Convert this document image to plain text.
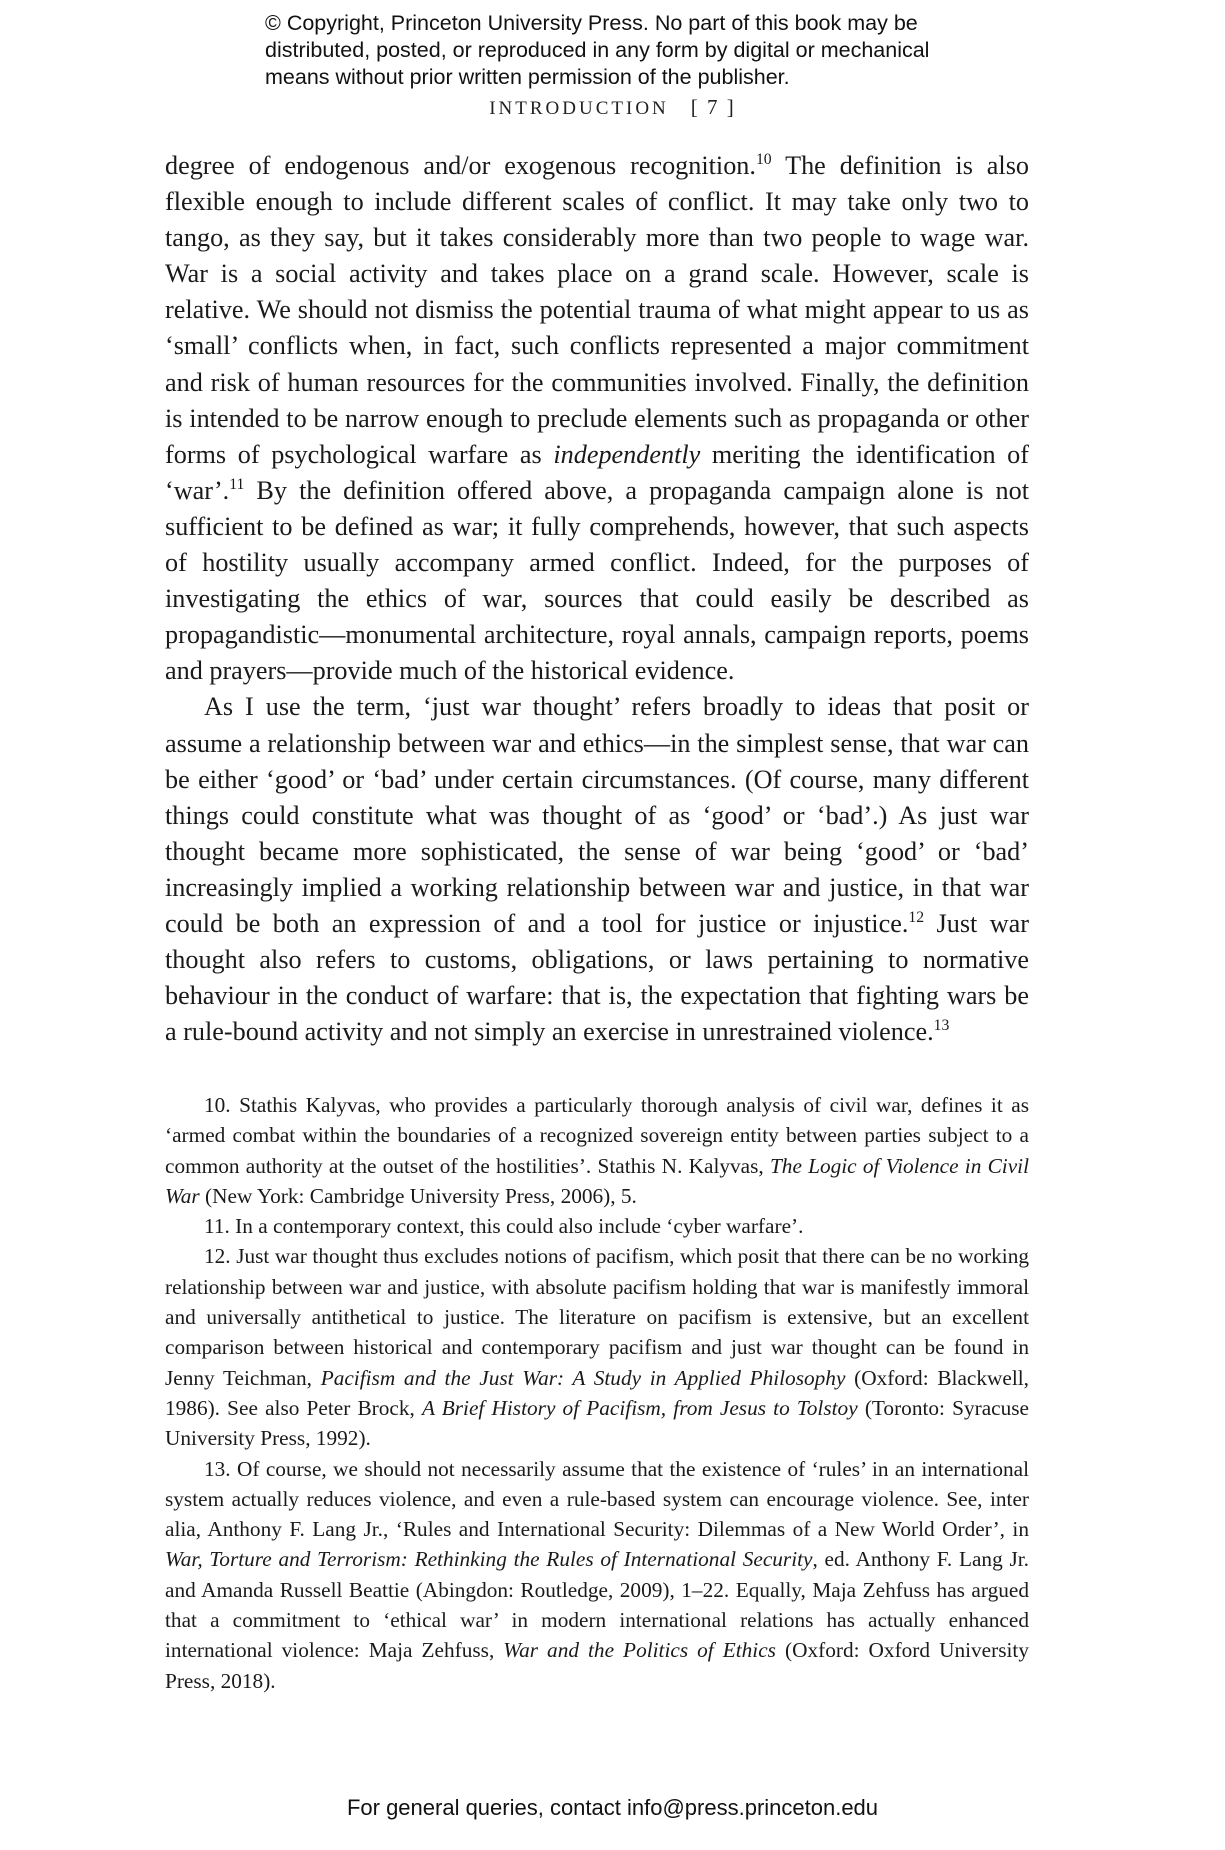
© Copyright, Princeton University Press. No part of this book may be
distributed, posted, or reproduced in any form by digital or mechanical
means without prior written permission of the publisher.
INTRODUCTION [ 7 ]

degree of endogenous and/or exogenous recognition.$^{10}$ The definition is also flexible enough to include different scales of conflict. It may take only two to tango, as they say, but it takes considerably more than two people to wage war. War is a social activity and takes place on a grand scale. However, scale is relative. We should not dismiss the potential trauma of what might appear to us as ‘small’ conflicts when, in fact, such conflicts represented a major commitment and risk of human resources for the communities involved. Finally, the definition is intended to be narrow enough to preclude elements such as propaganda or other forms of psychological warfare as independently meriting the identification of ‘war’.$^{11}$ By the definition offered above, a propaganda campaign alone is not sufficient to be defined as war; it fully comprehends, however, that such aspects of hostility usually accompany armed conflict. Indeed, for the purposes of investigating the ethics of war, sources that could easily be described as propagandistic—monumental architecture, royal annals, campaign reports, poems and prayers—provide much of the historical evidence.

As I use the term, ‘just war thought’ refers broadly to ideas that posit or assume a relationship between war and ethics—in the simplest sense, that war can be either ‘good’ or ‘bad’ under certain circumstances. (Of course, many different things could constitute what was thought of as ‘good’ or ‘bad’.) As just war thought became more sophisticated, the sense of war being ‘good’ or ‘bad’ increasingly implied a working relationship between war and justice, in that war could be both an expression of and a tool for justice or injustice.$^{12}$ Just war thought also refers to customs, obligations, or laws pertaining to normative behaviour in the conduct of warfare: that is, the expectation that fighting wars be a rule-bound activity and not simply an exercise in unrestrained violence.$^{13}$

10. Stathis Kalyvas, who provides a particularly thorough analysis of civil war, defines it as ‘armed combat within the boundaries of a recognized sovereign entity between parties subject to a common authority at the outset of the hostilities’. Stathis N. Kalyvas, The Logic of Violence in Civil War (New York: Cambridge University Press, 2006), 5.

11. In a contemporary context, this could also include ‘cyber warfare’.

12. Just war thought thus excludes notions of pacifism, which posit that there can be no working relationship between war and justice, with absolute pacifism holding that war is manifestly immoral and universally antithetical to justice. The literature on pacifism is extensive, but an excellent comparison between historical and contemporary pacifism and just war thought can be found in Jenny Teichman, Pacifism and the Just War: A Study in Applied Philosophy (Oxford: Blackwell, 1986). See also Peter Brock, A Brief History of Pacifism, from Jesus to Tolstoy (Toronto: Syracuse University Press, 1992).

13. Of course, we should not necessarily assume that the existence of ‘rules’ in an international system actually reduces violence, and even a rule-based system can encourage violence. See, inter alia, Anthony F. Lang Jr., ‘Rules and International Security: Dilemmas of a New World Order’, in War, Torture and Terrorism: Rethinking the Rules of International Security, ed. Anthony F. Lang Jr. and Amanda Russell Beattie (Abingdon: Routledge, 2009), 1–22. Equally, Maja Zehfuss has argued that a commitment to ‘ethical war’ in modern international relations has actually enhanced international violence: Maja Zehfuss, War and the Politics of Ethics (Oxford: Oxford University Press, 2018).

For general queries, contact info@press.princeton.edu
